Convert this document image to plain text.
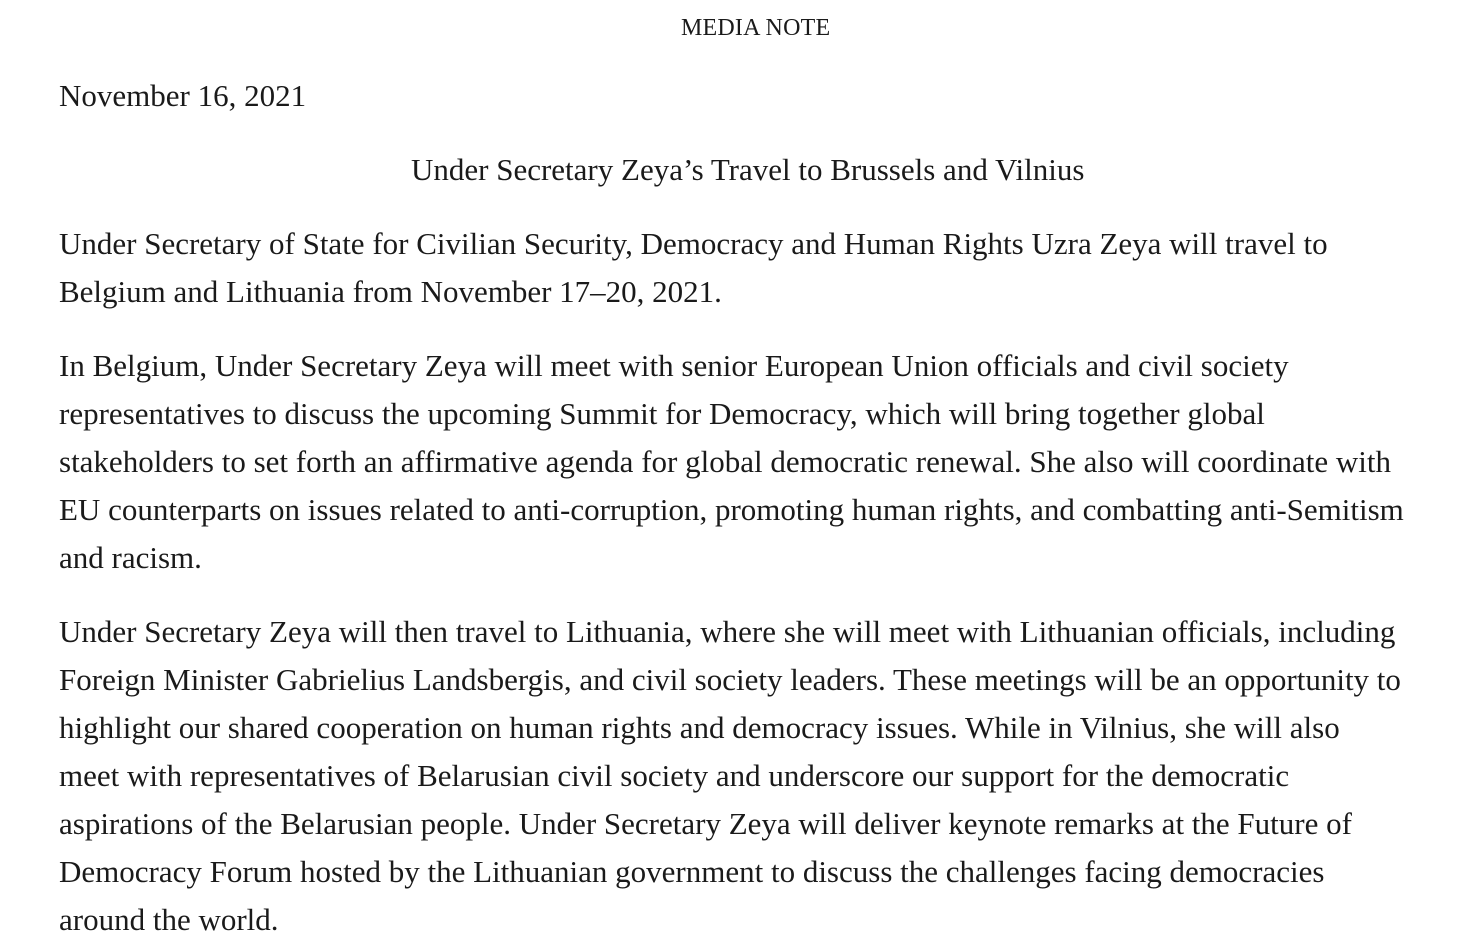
MEDIA NOTE
November 16, 2021
Under Secretary Zeya’s Travel to Brussels and Vilnius
Under Secretary of State for Civilian Security, Democracy and Human Rights Uzra Zeya will travel to
Belgium and Lithuania from November 17–20, 2021.
In Belgium, Under Secretary Zeya will meet with senior European Union officials and civil society
representatives to discuss the upcoming Summit for Democracy, which will bring together global
stakeholders to set forth an affirmative agenda for global democratic renewal. She also will coordinate with
EU counterparts on issues related to anti-corruption, promoting human rights, and combatting anti-Semitism
and racism.
Under Secretary Zeya will then travel to Lithuania, where she will meet with Lithuanian officials, including
Foreign Minister Gabrielius Landsbergis, and civil society leaders. These meetings will be an opportunity to
highlight our shared cooperation on human rights and democracy issues. While in Vilnius, she will also
meet with representatives of Belarusian civil society and underscore our support for the democratic
aspirations of the Belarusian people. Under Secretary Zeya will deliver keynote remarks at the Future of
Democracy Forum hosted by the Lithuanian government to discuss the challenges facing democracies
around the world.
